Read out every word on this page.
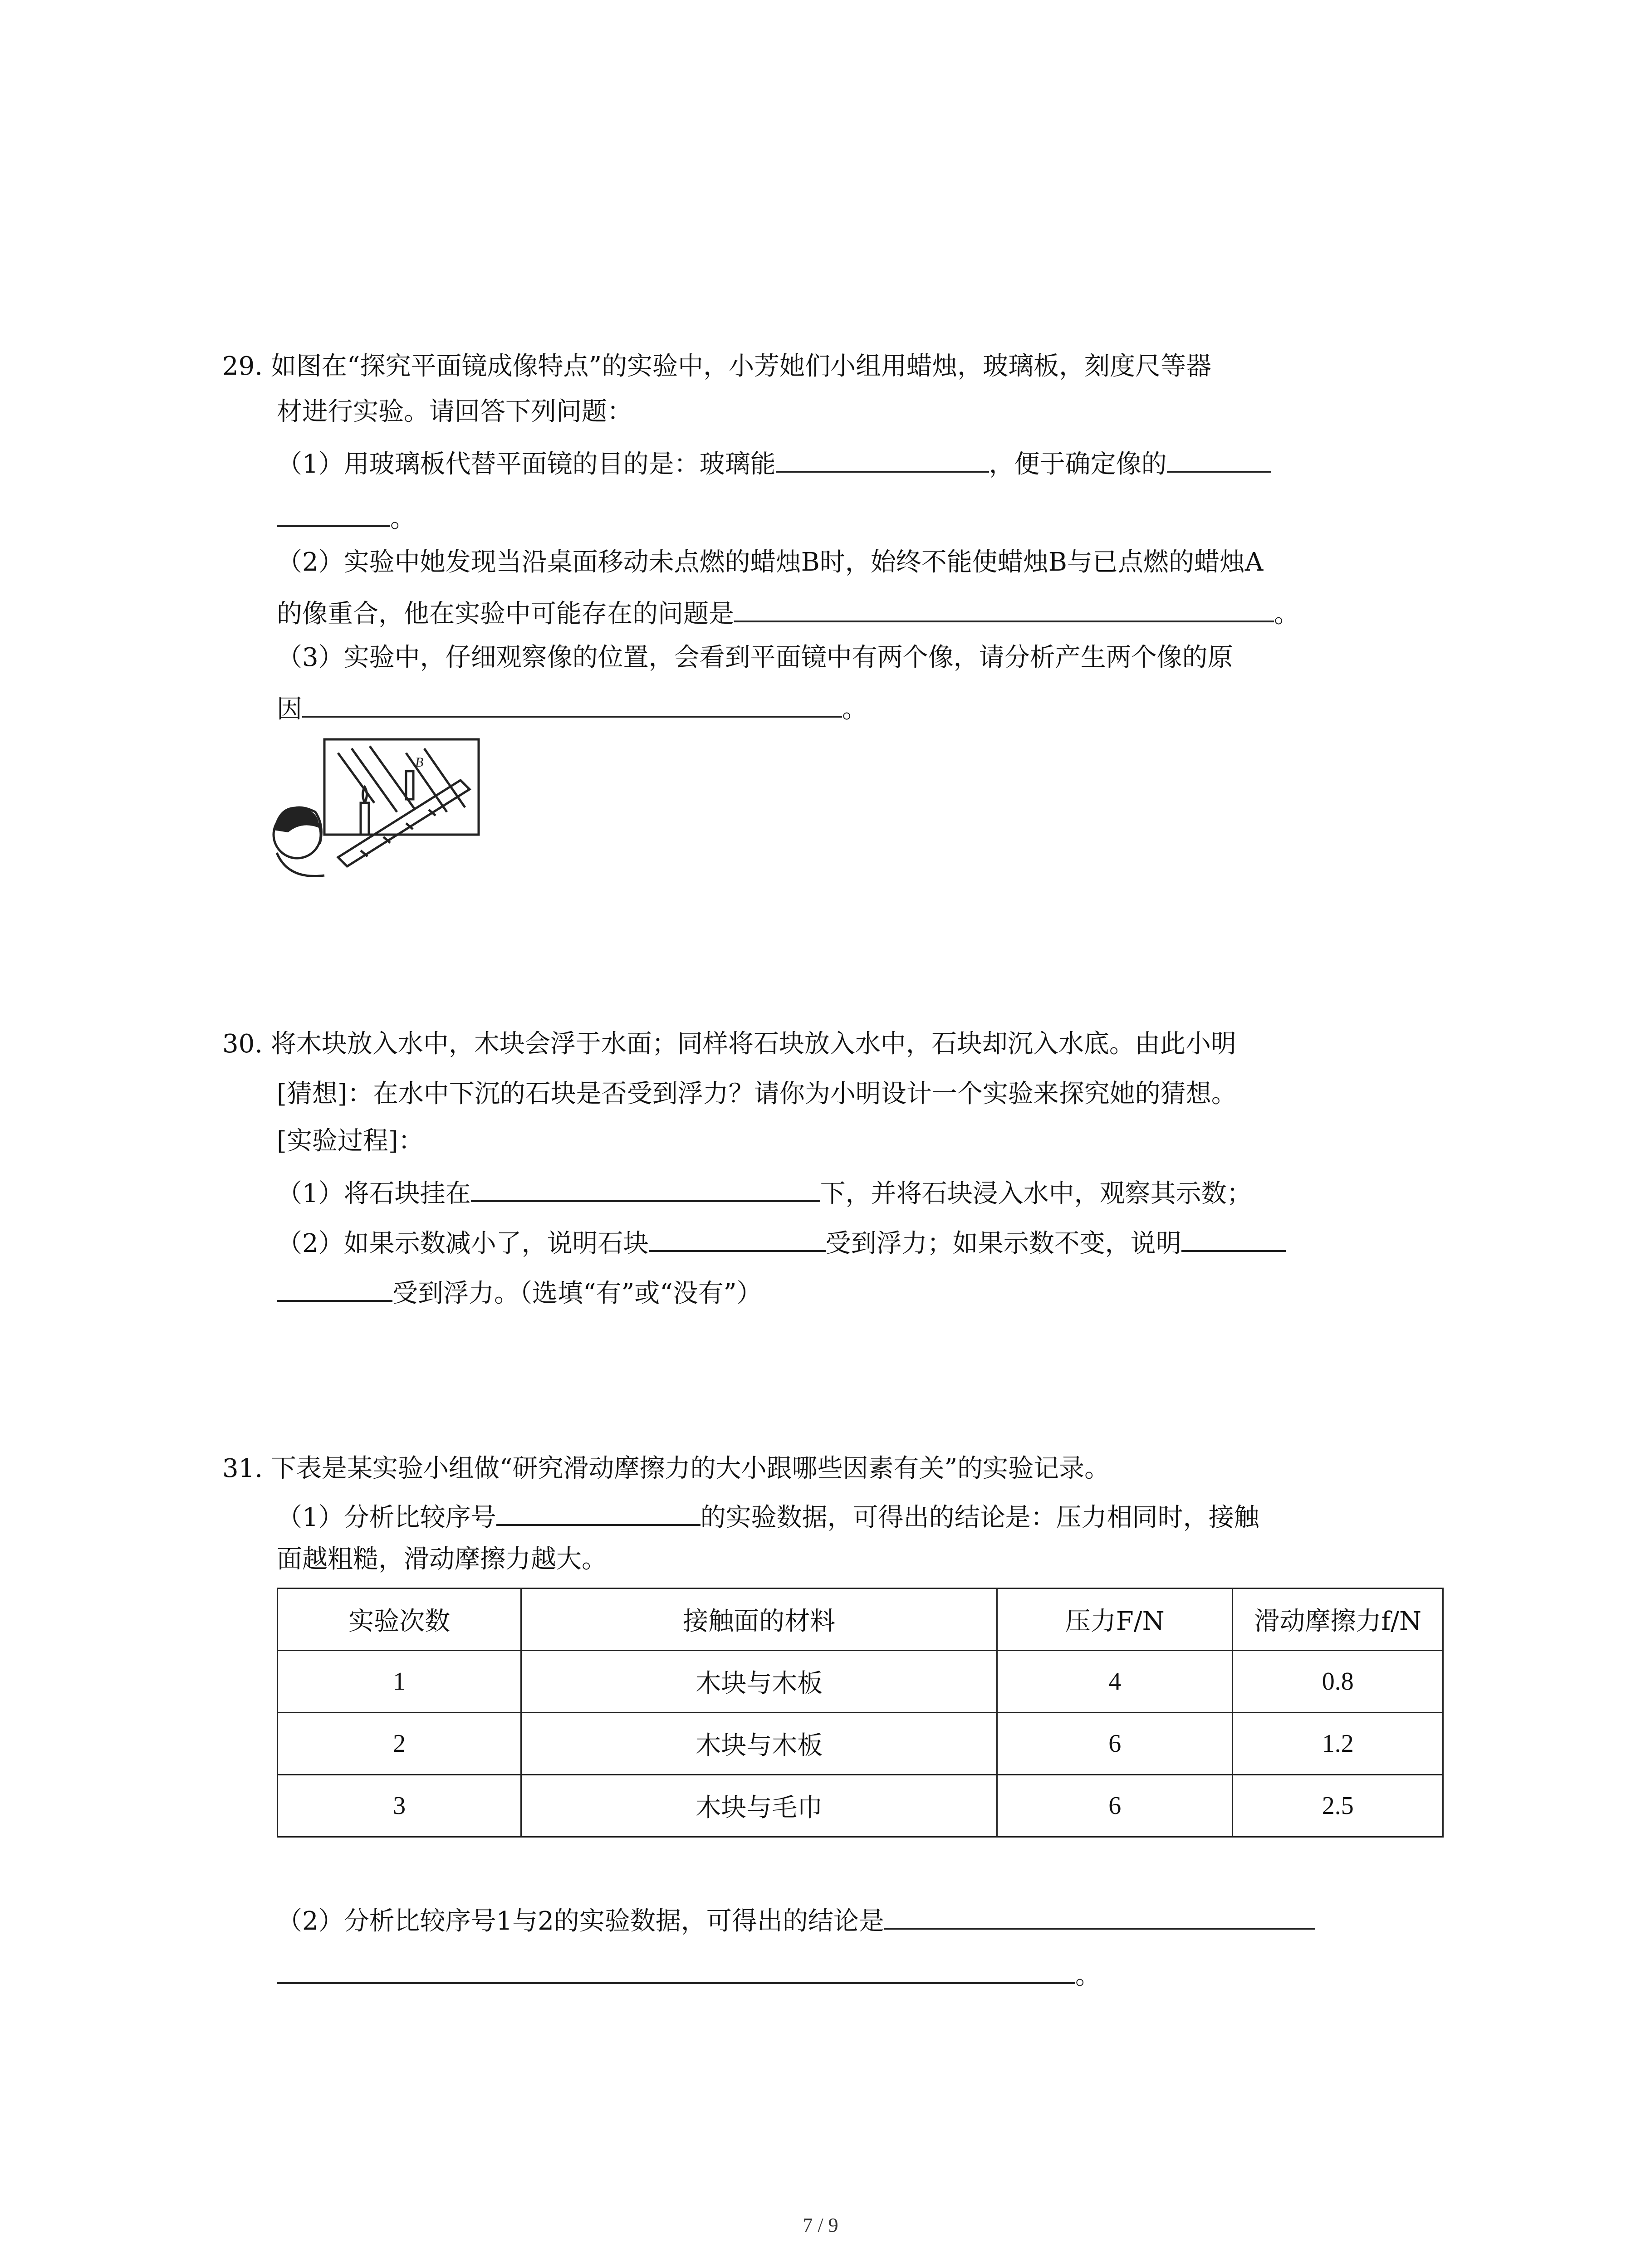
29. 如图在“探究平面镜成像特点”的实验中，小芳她们小组用蜡烛，玻璃板，刻度尺等器
材进行实验。请回答下列问题：
（1）用玻璃板代替平面镜的目的是：玻璃能	，便于确定像的
。
（2）实验中她发现当沿桌面移动未点燃的蜡烛B时，始终不能使蜡烛B与已点燃的蜡烛A
的像重合，他在实验中可能存在的问题是	。
（3）实验中，仔细观察像的位置，会看到平面镜中有两个像，请分析产生两个像的原
因	。
B
30. 将木块放入水中，木块会浮于水面；同样将石块放入水中，石块却沉入水底。由此小明
[猜想]：在水中下沉的石块是否受到浮力？请你为小明设计一个实验来探究她的猜想。
[实验过程]：
（1）将石块挂在	下，并将石块浸入水中，观察其示数；
（2）如果示数减小了，说明石块	受到浮力；如果示数不变，说明
受到浮力。（选填“有”或“没有”）
31. 下表是某实验小组做“研究滑动摩擦力的大小跟哪些因素有关”的实验记录。
（1）分析比较序号	的实验数据，可得出的结论是：压力相同时，接触
面越粗糙，滑动摩擦力越大。
实验次数	接触面的材料	压力F/N	滑动摩擦力f/N
1	木块与木板	4	0.8
2	木块与木板	6	1.2
3	木块与毛巾	6	2.5
（2）分析比较序号1与2的实验数据，可得出的结论是
。
7 / 9
